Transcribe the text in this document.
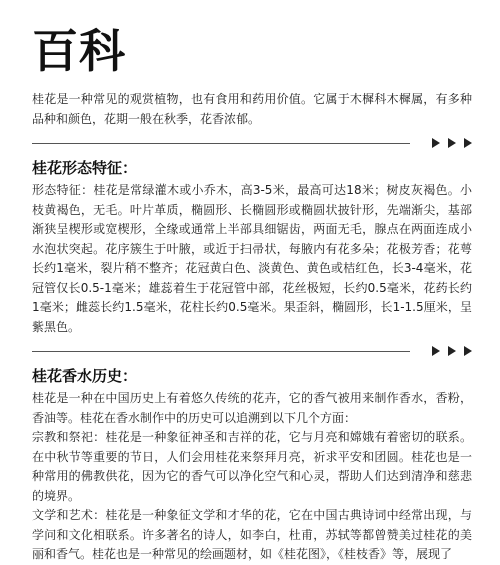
百科

桂花是一种常见的观赏植物，也有食用和药用价值。它属于木樨科木樨属，有多种品种和颜色，花期一般在秋季，花香浓郁。

桂花形态特征：

形态特征：桂花是常绿灌木或小乔木，高3-5米，最高可达18米；树皮灰褐色。小枝黄褐色，无毛。叶片革质，椭圆形、长椭圆形或椭圆状披针形，先端渐尖，基部渐狭呈楔形或宽楔形，全缘或通常上半部具细锯齿，两面无毛，腺点在两面连成小水泡状突起。花序簇生于叶腋，或近于扫帚状，每腋内有花多朵；花极芳香；花萼长约1毫米，裂片稍不整齐；花冠黄白色、淡黄色、黄色或桔红色，长3-4毫米，花冠管仅长0.5-1毫米；雄蕊着生于花冠管中部，花丝极短，长约0.5毫米，花药长约1毫米；雌蕊长约1.5毫米，花柱长约0.5毫米。果歪斜，椭圆形，长1-1.5厘米，呈紫黑色。

桂花香水历史：

桂花是一种在中国历史上有着悠久传统的花卉，它的香气被用来制作香水，香粉，香油等。桂花在香水制作中的历史可以追溯到以下几个方面：

宗教和祭祀：桂花是一种象征神圣和吉祥的花，它与月亮和嫦娥有着密切的联系。在中秋节等重要的节日，人们会用桂花来祭拜月亮，祈求平安和团圆。桂花也是一种常用的佛教供花，因为它的香气可以净化空气和心灵，帮助人们达到清净和慈悲的境界。

文学和艺术：桂花是一种象征文学和才华的花，它在中国古典诗词中经常出现，与学问和文化相联系。许多著名的诗人，如李白，杜甫，苏轼等都曾赞美过桂花的美丽和香气。桂花也是一种常见的绘画题材，如《桂花图》，《桂枝香》等，展现了
